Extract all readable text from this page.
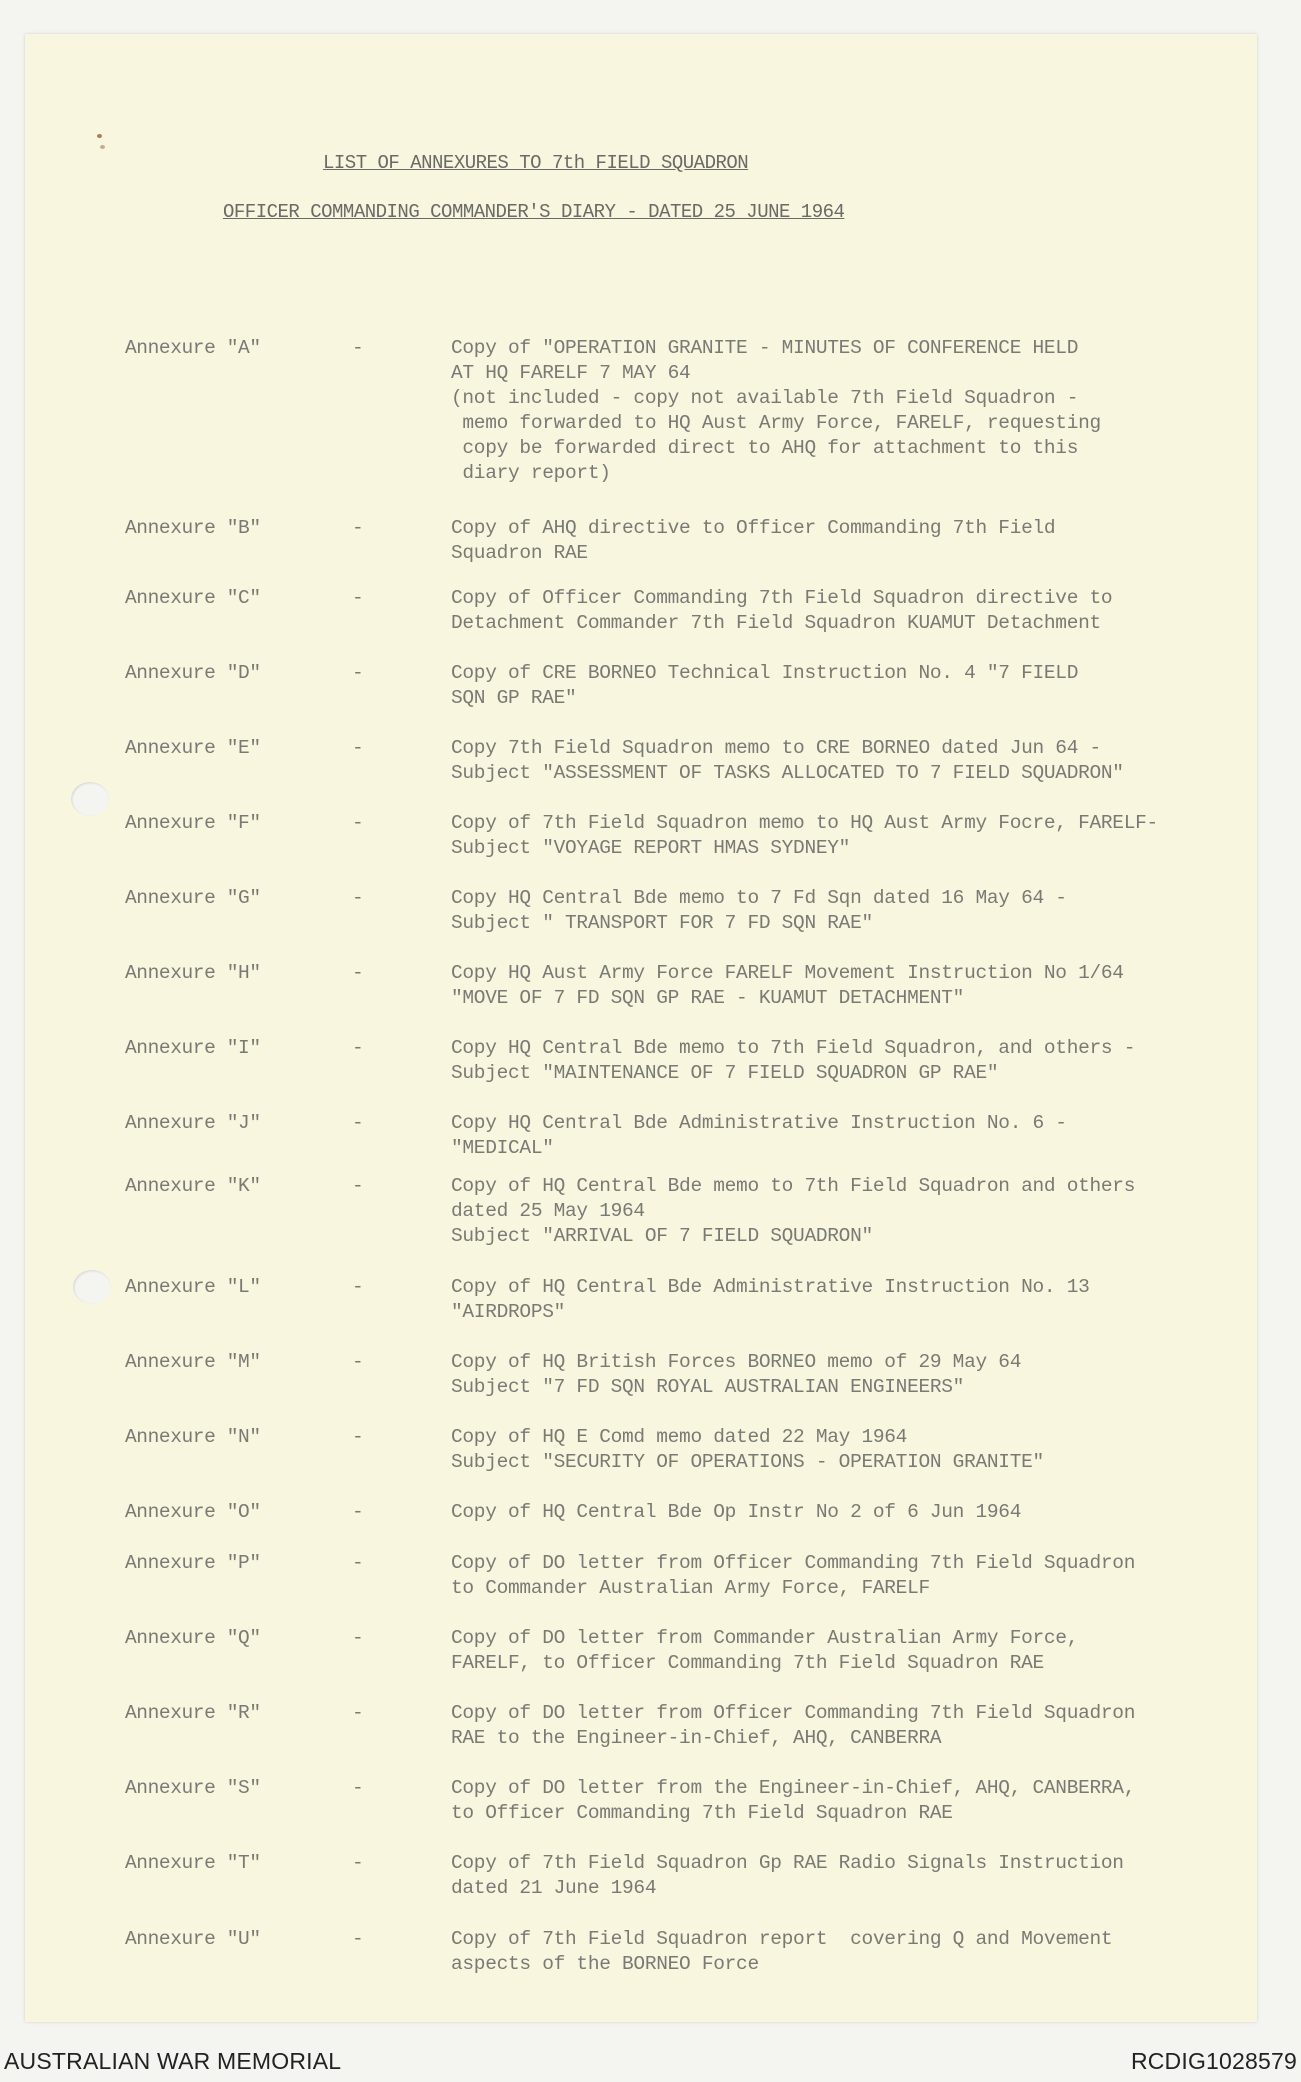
LIST OF ANNEXURES TO 7th FIELD SQUADRON
OFFICER COMMANDING COMMANDER'S DIARY - DATED 25 JUNE 1964
Annexure "A"	-	Copy of "OPERATION GRANITE - MINUTES OF CONFERENCE HELD
AT HQ FARELF 7 MAY 64
(not included - copy not available 7th Field Squadron -
memo forwarded to HQ Aust Army Force, FARELF, requesting
copy be forwarded direct to AHQ for attachment to this
diary report)
Annexure "B"	-	Copy of AHQ directive to Officer Commanding 7th Field
Squadron RAE
Annexure "C"	-	Copy of Officer Commanding 7th Field Squadron directive to
Detachment Commander 7th Field Squadron KUAMUT Detachment
Annexure "D"	-	Copy of CRE BORNEO Technical Instruction No. 4 "7 FIELD
SQN GP RAE"
Annexure "E"	-	Copy 7th Field Squadron memo to CRE BORNEO dated Jun 64 -
Subject "ASSESSMENT OF TASKS ALLOCATED TO 7 FIELD SQUADRON"
Annexure "F"	-	Copy of 7th Field Squadron memo to HQ Aust Army Focre, FARELF-
Subject "VOYAGE REPORT HMAS SYDNEY"
Annexure "G"	-	Copy HQ Central Bde memo to 7 Fd Sqn dated 16 May 64 -
Subject " TRANSPORT FOR 7 FD SQN RAE"
Annexure "H"	-	Copy HQ Aust Army Force FARELF Movement Instruction No 1/64
"MOVE OF 7 FD SQN GP RAE - KUAMUT DETACHMENT"
Annexure "I"	-	Copy HQ Central Bde memo to 7th Field Squadron, and others -
Subject "MAINTENANCE OF 7 FIELD SQUADRON GP RAE"
Annexure "J"	-	Copy HQ Central Bde Administrative Instruction No. 6 -
"MEDICAL"
Annexure "K"	-	Copy of HQ Central Bde memo to 7th Field Squadron and others
dated 25 May 1964
Subject "ARRIVAL OF 7 FIELD SQUADRON"
Annexure "L"	-	Copy of HQ Central Bde Administrative Instruction No. 13
"AIRDROPS"
Annexure "M"	-	Copy of HQ British Forces BORNEO memo of 29 May 64
Subject "7 FD SQN ROYAL AUSTRALIAN ENGINEERS"
Annexure "N"	-	Copy of HQ E Comd memo dated 22 May 1964
Subject "SECURITY OF OPERATIONS - OPERATION GRANITE"
Annexure "O"	-	Copy of HQ Central Bde Op Instr No 2 of 6 Jun 1964
Annexure "P"	-	Copy of DO letter from Officer Commanding 7th Field Squadron
to Commander Australian Army Force, FARELF
Annexure "Q"	-	Copy of DO letter from Commander Australian Army Force,
FARELF, to Officer Commanding 7th Field Squadron RAE
Annexure "R"	-	Copy of DO letter from Officer Commanding 7th Field Squadron
RAE to the Engineer-in-Chief, AHQ, CANBERRA
Annexure "S"	-	Copy of DO letter from the Engineer-in-Chief, AHQ, CANBERRA,
to Officer Commanding 7th Field Squadron RAE
Annexure "T"	-	Copy of 7th Field Squadron Gp RAE Radio Signals Instruction
dated 21 June 1964
Annexure "U"	-	Copy of 7th Field Squadron report  covering Q and Movement
aspects of the BORNEO Force
AUSTRALIAN WAR MEMORIAL	RCDIG1028579
